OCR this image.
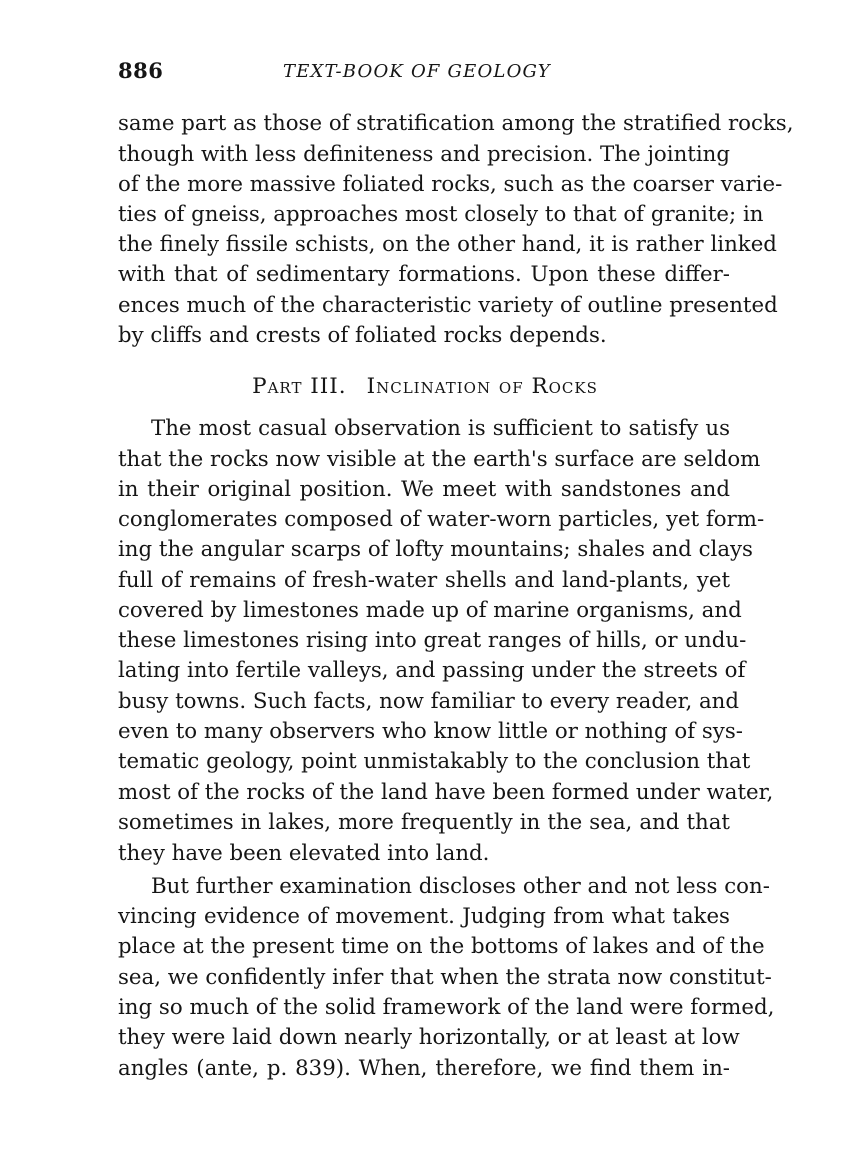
886	TEXT-BOOK OF GEOLOGY
same part as those of stratification among the stratified rocks,
though with less definiteness and precision. The jointing
of the more massive foliated rocks, such as the coarser varie-
ties of gneiss, approaches most closely to that of granite; in
the finely fissile schists, on the other hand, it is rather linked
with that of sedimentary formations. Upon these differ-
ences much of the characteristic variety of outline presented
by cliffs and crests of foliated rocks depends.
Part III. Inclination of Rocks
The most casual observation is sufficient to satisfy us
that the rocks now visible at the earth's surface are seldom
in their original position. We meet with sandstones and
conglomerates composed of water-worn particles, yet form-
ing the angular scarps of lofty mountains; shales and clays
full of remains of fresh-water shells and land-plants, yet
covered by limestones made up of marine organisms, and
these limestones rising into great ranges of hills, or undu-
lating into fertile valleys, and passing under the streets of
busy towns. Such facts, now familiar to every reader, and
even to many observers who know little or nothing of sys-
tematic geology, point unmistakably to the conclusion that
most of the rocks of the land have been formed under water,
sometimes in lakes, more frequently in the sea, and that
they have been elevated into land.
But further examination discloses other and not less con-
vincing evidence of movement. Judging from what takes
place at the present time on the bottoms of lakes and of the
sea, we confidently infer that when the strata now constitut-
ing so much of the solid framework of the land were formed,
they were laid down nearly horizontally, or at least at low
angles (ante, p. 839). When, therefore, we find them in-
